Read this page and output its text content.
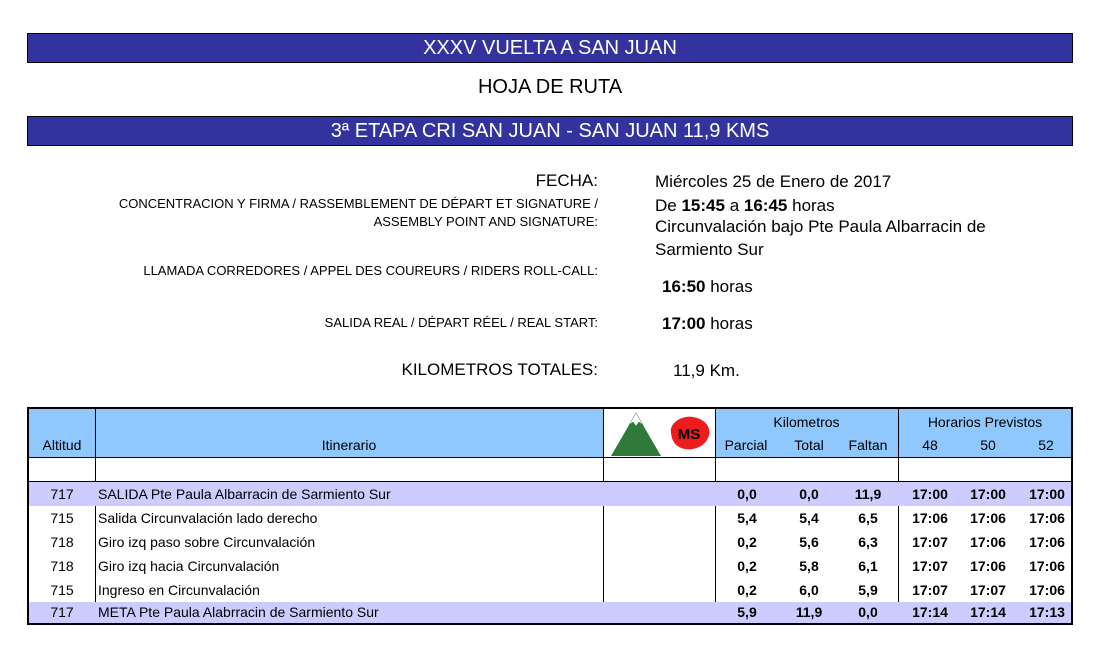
XXXV VUELTA A SAN JUAN
HOJA DE RUTA
3ª ETAPA CRI SAN JUAN - SAN JUAN 11,9 KMS
FECHA:	Miércoles 25 de Enero de 2017
CONCENTRACION Y FIRMA / RASSEMBLEMENT DE DÉPART ET SIGNATURE /
ASSEMBLY POINT AND SIGNATURE:
De 15:45 a 16:45 horas
Circunvalación bajo Pte Paula Albarracin de
Sarmiento Sur
LLAMADA CORREDORES / APPEL DES COUREURS / RIDERS ROLL-CALL:
16:50 horas
SALIDA REAL / DÉPART RÉEL / REAL START:	17:00 horas
KILOMETROS TOTALES:	11,9 Km.
Altitud	Itinerario
MS
Kilometros
Parcial	Total	Faltan
Horarios Previstos
48	50	52
717	SALIDA Pte Paula Albarracin de Sarmiento Sur	0,0	0,0	11,9	17:00	17:00	17:00
715	Salida Circunvalación lado derecho	5,4	5,4	6,5	17:06	17:06	17:06
718	Giro izq paso sobre Circunvalación	0,2	5,6	6,3	17:07	17:06	17:06
718	Giro izq hacia Circunvalación	0,2	5,8	6,1	17:07	17:06	17:06
715	Ingreso en Circunvalación	0,2	6,0	5,9	17:07	17:07	17:06
717	META Pte Paula Alabrracin de Sarmiento Sur	5,9	11,9	0,0	17:14	17:14	17:13
